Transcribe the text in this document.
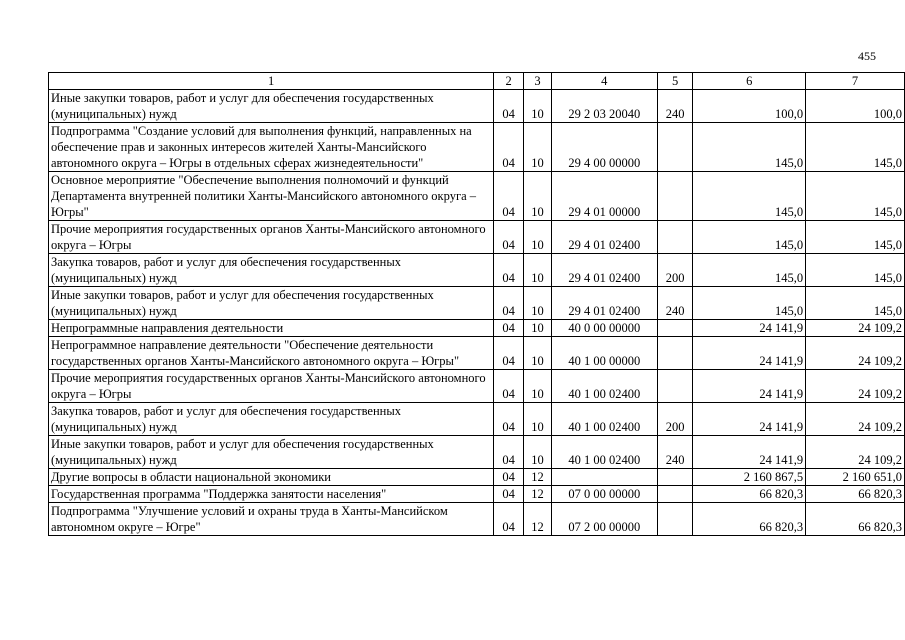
455
1	2	3	4	5	6	7
Иные закупки товаров, работ и услуг для обеспечения государственных (муниципальных) нужд	04	10	29 2 03 20040	240	100,0	100,0
Подпрограмма "Создание условий для выполнения функций, направленных на обеспечение прав и законных интересов жителей Ханты-Мансийского автономного округа – Югры в отдельных сферах жизнедеятельности"	04	10	29 4 00 00000		145,0	145,0
Основное мероприятие "Обеспечение выполнения полномочий и функций Департамента внутренней политики Ханты-Мансийского автономного округа – Югры"	04	10	29 4 01 00000		145,0	145,0
Прочие мероприятия государственных органов Ханты-Мансийского автономного округа – Югры	04	10	29 4 01 02400		145,0	145,0
Закупка товаров, работ и услуг для обеспечения государственных (муниципальных) нужд	04	10	29 4 01 02400	200	145,0	145,0
Иные закупки товаров, работ и услуг для обеспечения государственных (муниципальных) нужд	04	10	29 4 01 02400	240	145,0	145,0
Непрограммные направления деятельности	04	10	40 0 00 00000		24 141,9	24 109,2
Непрограммное направление деятельности "Обеспечение деятельности государственных органов Ханты-Мансийского автономного округа – Югры"	04	10	40 1 00 00000		24 141,9	24 109,2
Прочие мероприятия государственных органов Ханты-Мансийского автономного округа – Югры	04	10	40 1 00 02400		24 141,9	24 109,2
Закупка товаров, работ и услуг для обеспечения государственных (муниципальных) нужд	04	10	40 1 00 02400	200	24 141,9	24 109,2
Иные закупки товаров, работ и услуг для обеспечения государственных (муниципальных) нужд	04	10	40 1 00 02400	240	24 141,9	24 109,2
Другие вопросы в области национальной экономики	04	12			2 160 867,5	2 160 651,0
Государственная программа "Поддержка занятости населения"	04	12	07 0 00 00000		66 820,3	66 820,3
Подпрограмма "Улучшение условий и охраны труда в Ханты-Мансийском автономном округе – Югре"	04	12	07 2 00 00000		66 820,3	66 820,3
